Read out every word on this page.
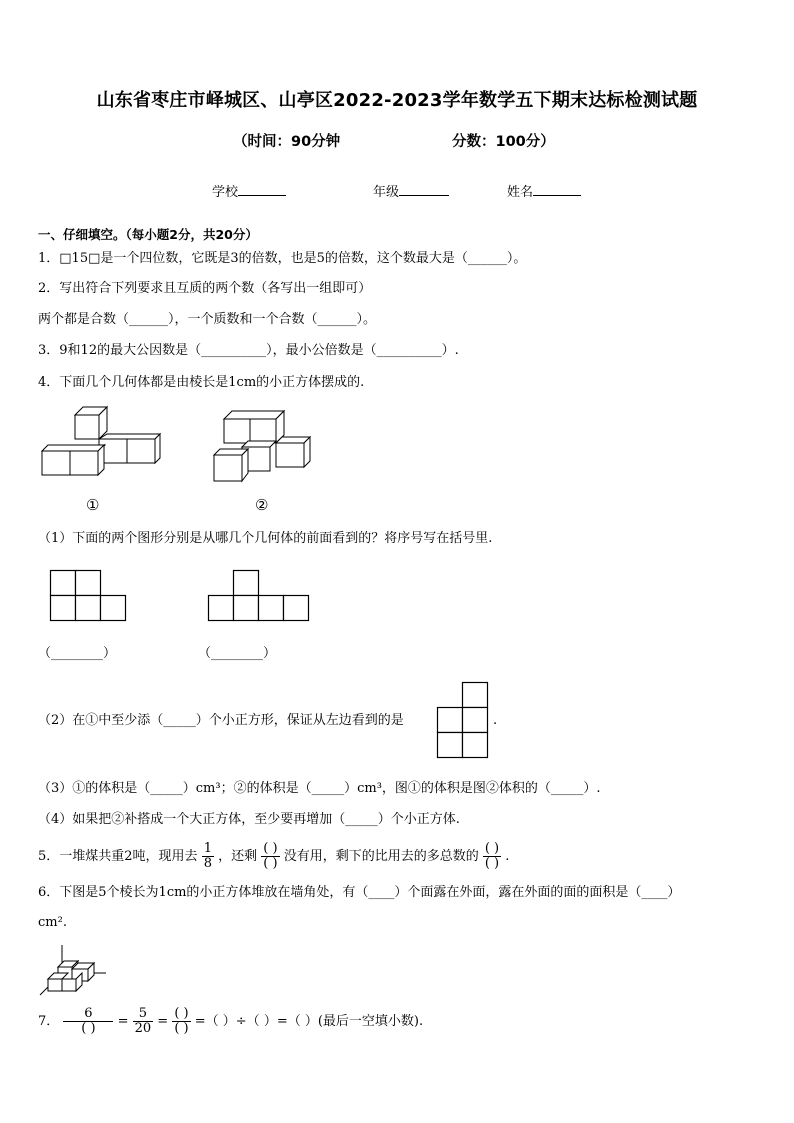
山东省枣庄市峄城区、山亭区2022-2023学年数学五下期末达标检测试题
（时间：90分钟	分数：100分）
学校	年级	姓名
一、仔细填空。（每小题2分，共20分）
1．□15□是一个四位数，它既是3的倍数，也是5的倍数，这个数最大是（______）。
2．写出符合下列要求且互质的两个数（各写出一组即可）
两个都是合数（______），一个质数和一个合数（______）。
3．9和12的最大公因数是（__________），最小公倍数是（__________）.
4．下面几个几何体都是由棱长是1cm的小正方体摆成的.
①	②
（1）下面的两个图形分别是从哪几个几何体的前面看到的？将序号写在括号里.
（________）	（________）
（2）在①中至少添（_____）个小正方形，保证从左边看到的是	.
（3）①的体积是（_____）cm³；②的体积是（_____）cm³，图①的体积是图②体积的（_____）.
（4）如果把②补搭成一个大正方体，至少要再增加（_____）个小正方体.
5．一堆煤共重2吨，现用去 $\frac{1}{8}$ ，还剩 $\frac{( )}{( )}$ 没有用，剩下的比用去的多总数的 $\frac{( )}{( )}$ .
6．下图是5个棱长为1cm的小正方体堆放在墙角处，有（____）个面露在外面，露在外面的面的面积是（____）
cm².
7． $\frac{6}{( )} = \frac{5}{20} = \frac{( )}{( )}$ =（ ）÷（ ）=（ ）(最后一空填小数).
